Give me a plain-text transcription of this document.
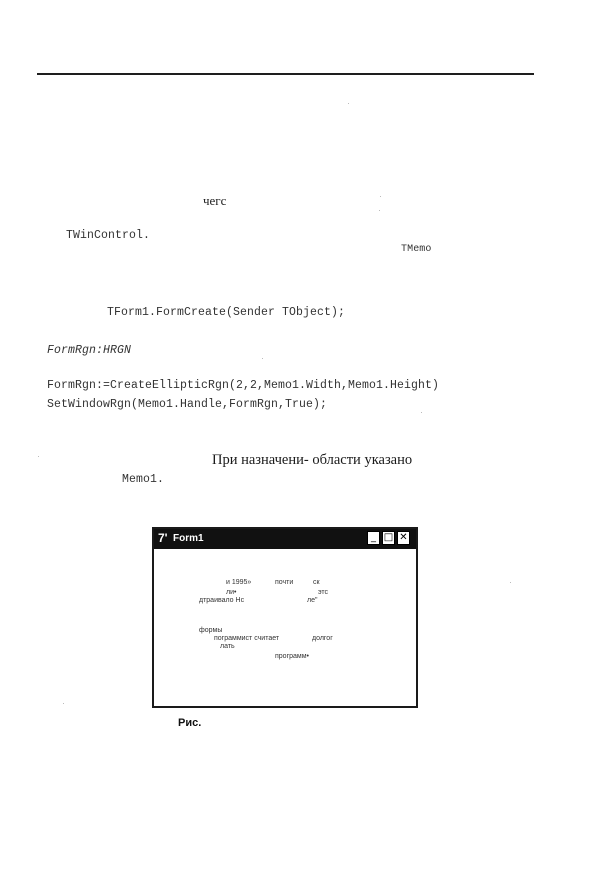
чегс
TWinControl.
TMemo
TForm1.FormCreate(Sender TObject);
FormRgn:HRGN
FormRgn:=CreateEllipticRgn(2,2,Memo1.Width,Memo1.Height)
SetWindowRgn(Memo1.Handle,FormRgn,True);
При назначени- области указано
Memo1.
7' Form1	_ □ ✕
и 1995»	почти	ск
ли•	этс
дтраивало Нс	ле"
формы
пограммист считает	долгог
лать
программ•
Рис.
